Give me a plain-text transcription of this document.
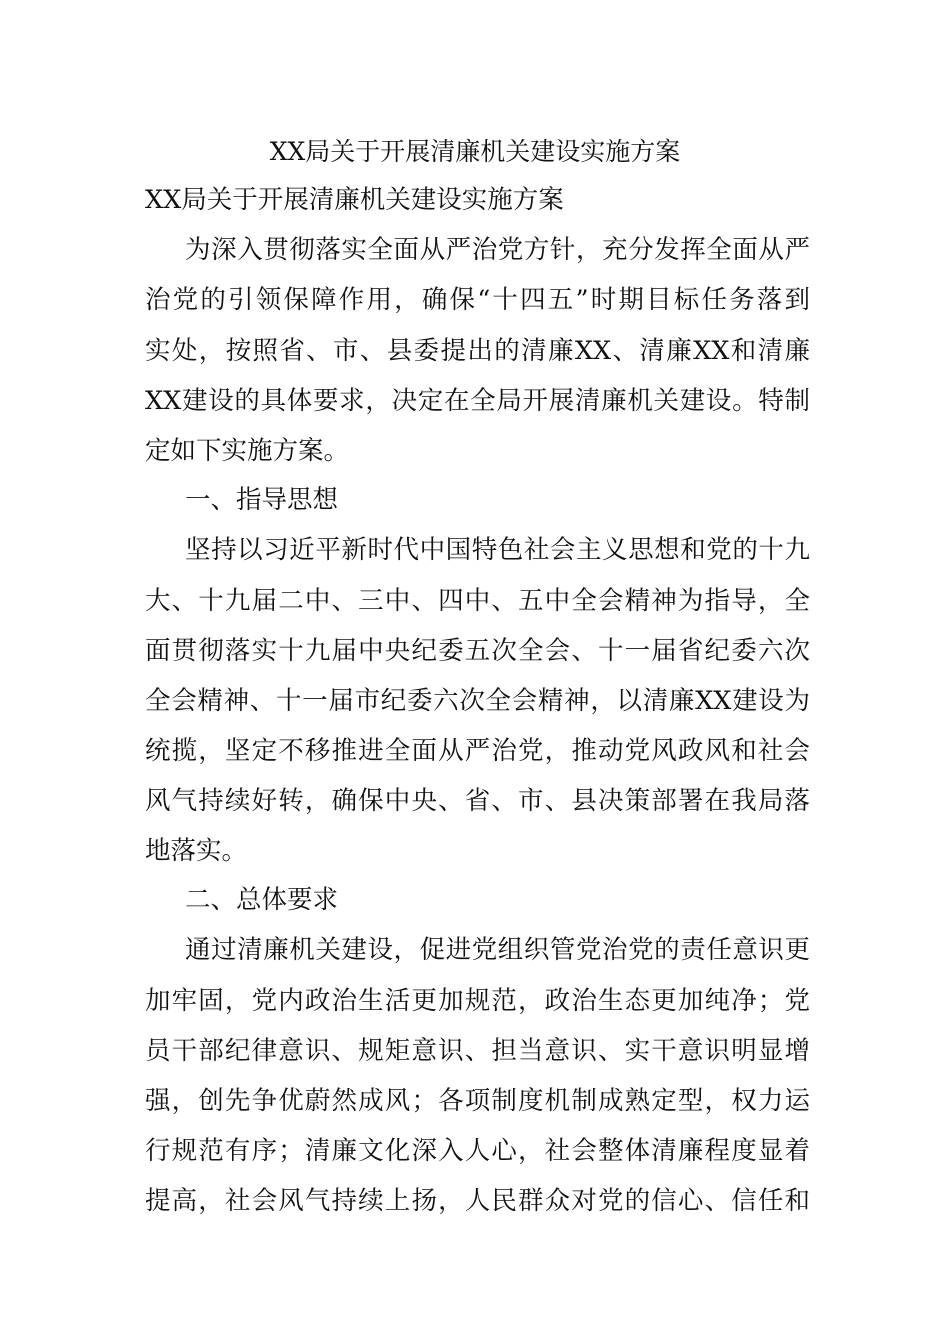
XX局关于开展清廉机关建设实施方案
XX局关于开展清廉机关建设实施方案
为深入贯彻落实全面从严治党方针，充分发挥全面从严
治党的引领保障作用，确保“十四五”时期目标任务落到
实处，按照省、市、县委提出的清廉XX、清廉XX和清廉
XX建设的具体要求，决定在全局开展清廉机关建设。特制
定如下实施方案。
一、指导思想
坚持以习近平新时代中国特色社会主义思想和党的十九
大、十九届二中、三中、四中、五中全会精神为指导，全
面贯彻落实十九届中央纪委五次全会、十一届省纪委六次
全会精神、十一届市纪委六次全会精神，以清廉XX建设为
统揽，坚定不移推进全面从严治党，推动党风政风和社会
风气持续好转，确保中央、省、市、县决策部署在我局落
地落实。
二、总体要求
通过清廉机关建设，促进党组织管党治党的责任意识更
加牢固，党内政治生活更加规范，政治生态更加纯净；党
员干部纪律意识、规矩意识、担当意识、实干意识明显增
强，创先争优蔚然成风；各项制度机制成熟定型，权力运
行规范有序；清廉文化深入人心，社会整体清廉程度显着
提高，社会风气持续上扬，人民群众对党的信心、信任和
